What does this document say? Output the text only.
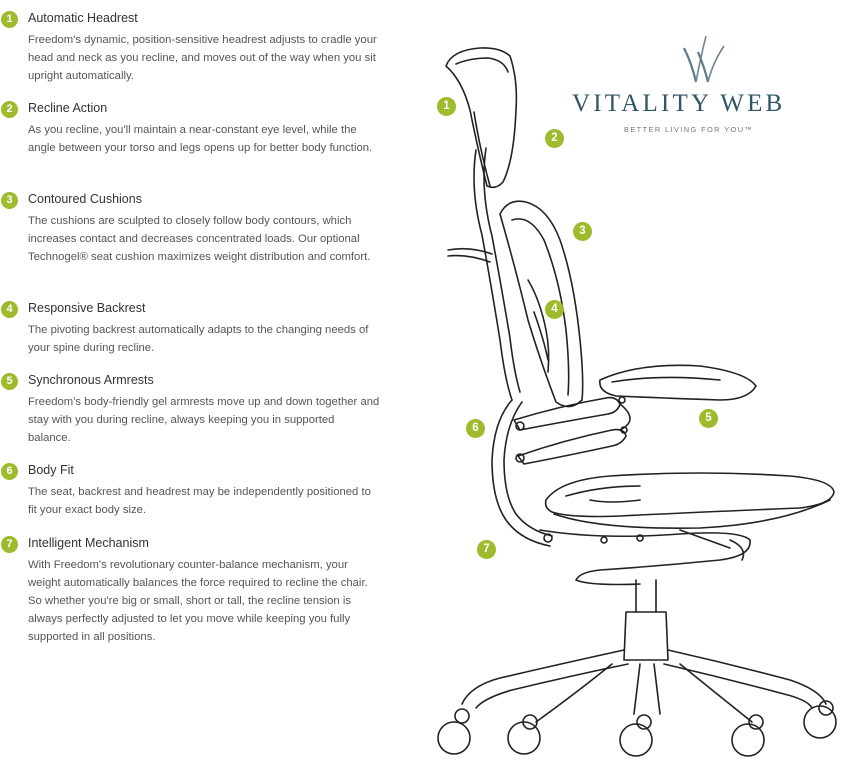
1	Automatic Headrest
Freedom's dynamic, position-sensitive headrest adjusts to cradle your head and neck as you recline, and moves out of the way when you sit upright automatically.
2	Recline Action
As you recline, you'll maintain a near-constant eye level, while the angle between your torso and legs opens up for better body function.
3	Contoured Cushions
The cushions are sculpted to closely follow body contours, which increases contact and decreases concentrated loads. Our optional Technogel® seat cushion maximizes weight distribution and comfort.
4	Responsive Backrest
The pivoting backrest automatically adapts to the changing needs of your spine during recline.
5	Synchronous Armrests
Freedom's body-friendly gel armrests move up and down together and stay with you during recline, always keeping you in supported balance.
6	Body Fit
The seat, backrest and headrest may be independently positioned to fit your exact body size.
7	Intelligent Mechanism
With Freedom's revolutionary counter-balance mechanism, your weight automatically balances the force required to recline the chair. So whether you're big or small, short or tall, the recline tension is always perfectly adjusted to let you move while keeping you fully supported in all positions.
VITALITY WEB
BETTER LIVING FOR YOU™
1
2
3
4
5
6
7
